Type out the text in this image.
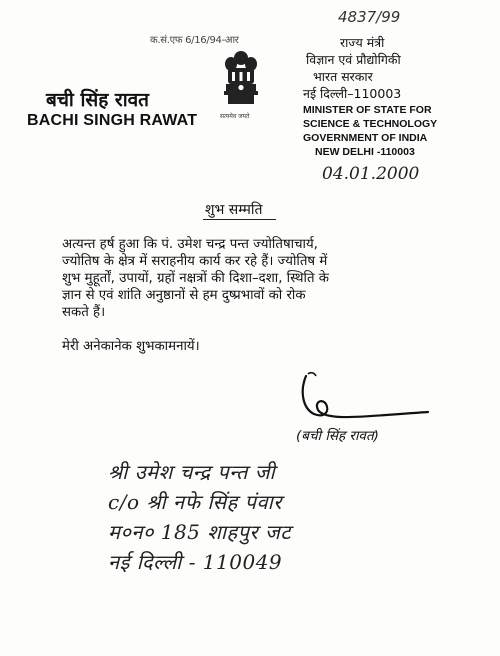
4837/99
क.सं.एफ 6/16/94-आर
सत्यमेव जयते
बची सिंह रावत
BACHI SINGH RAWAT
राज्य मंत्री
विज्ञान एवं प्रौद्योगिकी
भारत सरकार
नई दिल्ली–110003
MINISTER OF STATE FOR
SCIENCE & TECHNOLOGY
GOVERNMENT OF INDIA
NEW DELHI -110003
04.01.2000
शुभ सम्मति
अत्यन्त हर्ष हुआ कि पं. उमेश चन्द्र पन्त ज्योतिषाचार्य,
ज्योतिष के क्षेत्र में सराहनीय कार्य कर रहे हैं। ज्योतिष में
शुभ मुहूर्तों, उपायों, ग्रहों नक्षत्रों की दिशा–दशा, स्थिति के
ज्ञान से एवं शांति अनुष्ठानों से हम दुष्प्रभावों को रोक
सकते हैं।
मेरी अनेकानेक शुभकामनायें।
(बची सिंह रावत)
श्री उमेश चन्द्र पन्त जी
c/o श्री नफे सिंह पंवार
म०न० 185 शाहपुर जट
नई दिल्ली - 110049
